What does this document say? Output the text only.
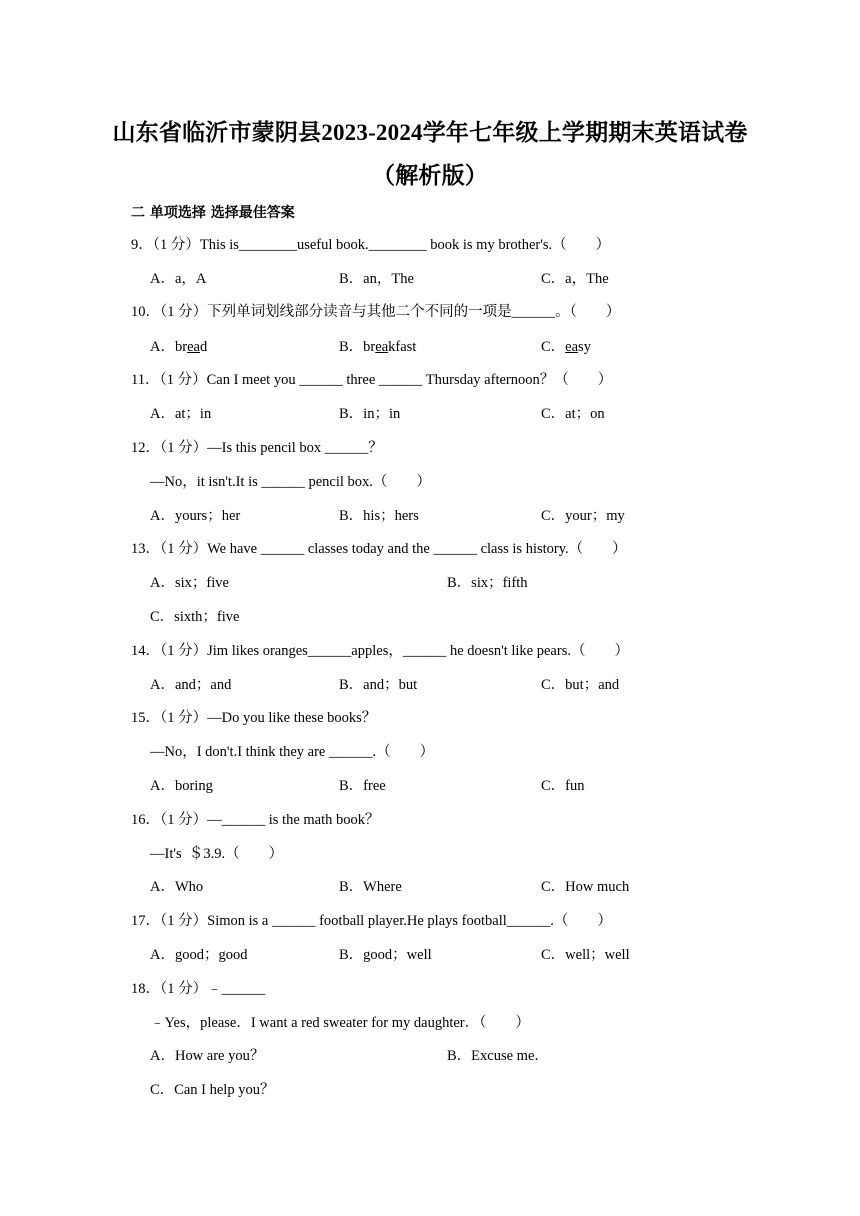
山东省临沂市蒙阴县2023-2024学年七年级上学期期末英语试卷
（解析版）
二 单项选择 选择最佳答案
9．（1 分）This is________useful book.________ book is my brother's.（        ）
A．a，A	B．an，The	C．a，The
10．（1 分）下列单词划线部分读音与其他二个不同的一项是______。（        ）
A．bread	B．breakfast	C．easy
11．（1 分）Can I meet you ______ three ______ Thursday afternoon？（        ）
A．at；in	B．in；in	C．at；on
12．（1 分）—Is this pencil box ______？
—No，it isn't.It is ______ pencil box.（        ）
A．yours；her	B．his；hers	C．your；my
13．（1 分）We have ______ classes today and the ______ class is history.（        ）
A．six；five	B．six；fifth
C．sixth；five
14．（1 分）Jim likes oranges______apples，______ he doesn't like pears.（        ）
A．and；and	B．and；but	C．but；and
15．（1 分）—Do you like these books？
—No，I don't.I think they are ______.（        ）
A．boring	B．free	C．fun
16．（1 分）—______ is the math book？
—It's  ＄3.9.（        ）
A．Who	B．Where	C．How much
17．（1 分）Simon is a ______ football player.He plays football______.（        ）
A．good；good	B．good；well	C．well；well
18．（1 分）﹣______
﹣Yes，please．I want a red sweater for my daughter．（        ）
A．How are you？	B．Excuse me．
C．Can I help you？
